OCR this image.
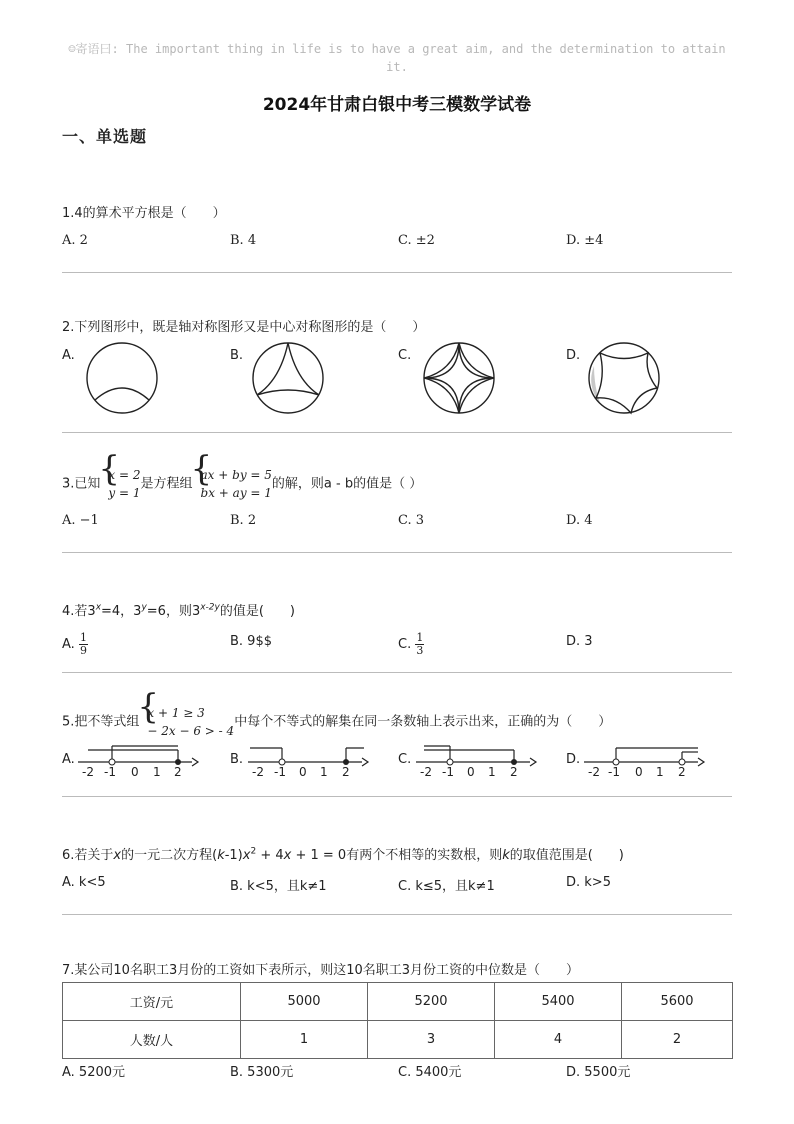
☺寄语曰: The important thing in life is to have a great aim, and the determination to attain
it.
2024年甘肃白银中考三模数学试卷
一、单选题
1.4的算术平方根是（　　）
A. 2	B. 4	C. ±2	D. ±4
2.下列图形中，既是轴对称图形又是中心对称图形的是（　　）
A.	B.	C.	D.
3.已知
{ x = 2
y = 1
是方程组
{ ax + by = 5
bx + ay = 1
的解，则a - b的值是（ ）
A. −1	B. 2	C. 3	D. 4
4.若$3^x=4$，$3^y=6$，则$3^{x-2y}$的值是(　　)
A. $\frac{1}{9}$	B. 9$$	C. $\frac{1}{3}$	D. 3
5.把不等式组
{ x + 1 ≥ 3
− 2x − 6 > - 4
中每个不等式的解集在同一条数轴上表示出来，正确的为（　　）
A.	B.	C.	D.
-2 -1 0 1 2	-2 -1 0 1 2	-2 -1 0 1 2	-2 -1 0 1 2
6.若关于x的一元二次方程$(k-1)x^2 + 4x + 1 = 0$有两个不相等的实数根，则k的取值范围是(　　)
A. k<5	B. k<5，且k≠1	C. k≤5，且k≠1	D. k>5
7.某公司10名职工3月份的工资如下表所示，则这10名职工3月份工资的中位数是（　　）
工资/元	5000	5200	5400	5600
人数/人	1	3	4	2
A. 5200元	B. 5300元	C. 5400元	D. 5500元
